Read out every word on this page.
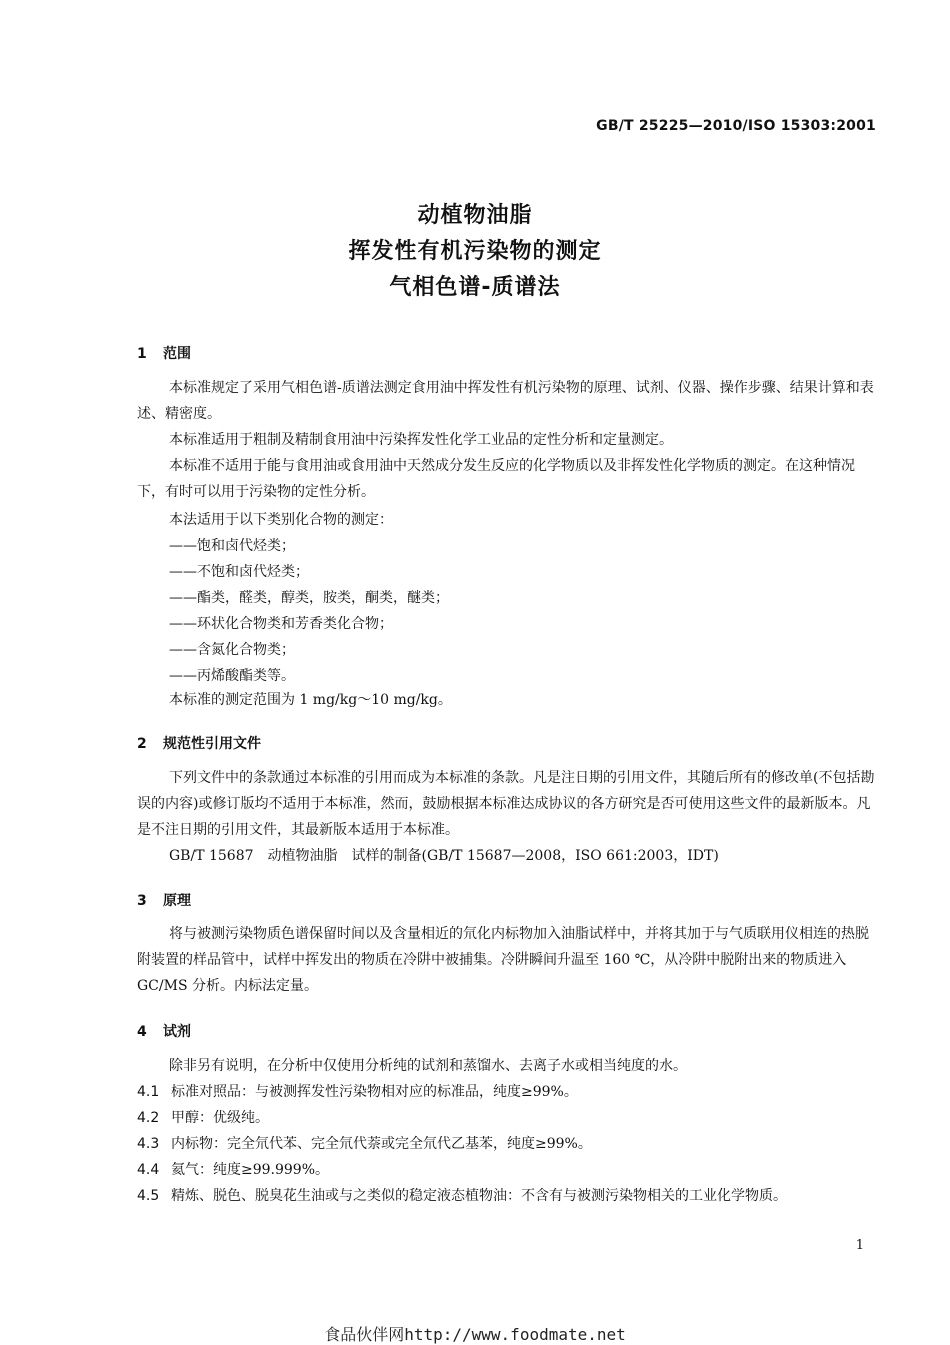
GB/T 25225—2010/ISO 15303:2001
动植物油脂
挥发性有机污染物的测定
气相色谱-质谱法
1 范围
本标准规定了采用气相色谱-质谱法测定食用油中挥发性有机污染物的原理、试剂、仪器、操作步骤、结果计算和表述、精密度。
本标准适用于粗制及精制食用油中污染挥发性化学工业品的定性分析和定量测定。
本标准不适用于能与食用油或食用油中天然成分发生反应的化学物质以及非挥发性化学物质的测定。在这种情况下，有时可以用于污染物的定性分析。
本法适用于以下类别化合物的测定：
——饱和卤代烃类；
——不饱和卤代烃类；
——酯类，醛类，醇类，胺类，酮类，醚类；
——环状化合物类和芳香类化合物；
——含氮化合物类；
——丙烯酸酯类等。
本标准的测定范围为 1 mg/kg～10 mg/kg。
2 规范性引用文件
下列文件中的条款通过本标准的引用而成为本标准的条款。凡是注日期的引用文件，其随后所有的修改单(不包括勘误的内容)或修订版均不适用于本标准，然而，鼓励根据本标准达成协议的各方研究是否可使用这些文件的最新版本。凡是不注日期的引用文件，其最新版本适用于本标准。
GB/T 15687　动植物油脂　试样的制备(GB/T 15687—2008，ISO 661:2003，IDT)
3 原理
将与被测污染物质色谱保留时间以及含量相近的氘化内标物加入油脂试样中，并将其加于与气质联用仪相连的热脱附装置的样品管中，试样中挥发出的物质在冷阱中被捕集。冷阱瞬间升温至 160 ℃，从冷阱中脱附出来的物质进入 GC/MS 分析。内标法定量。
4 试剂
除非另有说明，在分析中仅使用分析纯的试剂和蒸馏水、去离子水或相当纯度的水。
4.1 标准对照品：与被测挥发性污染物相对应的标准品，纯度≥99%。
4.2 甲醇：优级纯。
4.3 内标物：完全氘代苯、完全氘代萘或完全氘代乙基苯，纯度≥99%。
4.4 氦气：纯度≥99.999%。
4.5 精炼、脱色、脱臭花生油或与之类似的稳定液态植物油：不含有与被测污染物相关的工业化学物质。
1
食品伙伴网http://www.foodmate.net
